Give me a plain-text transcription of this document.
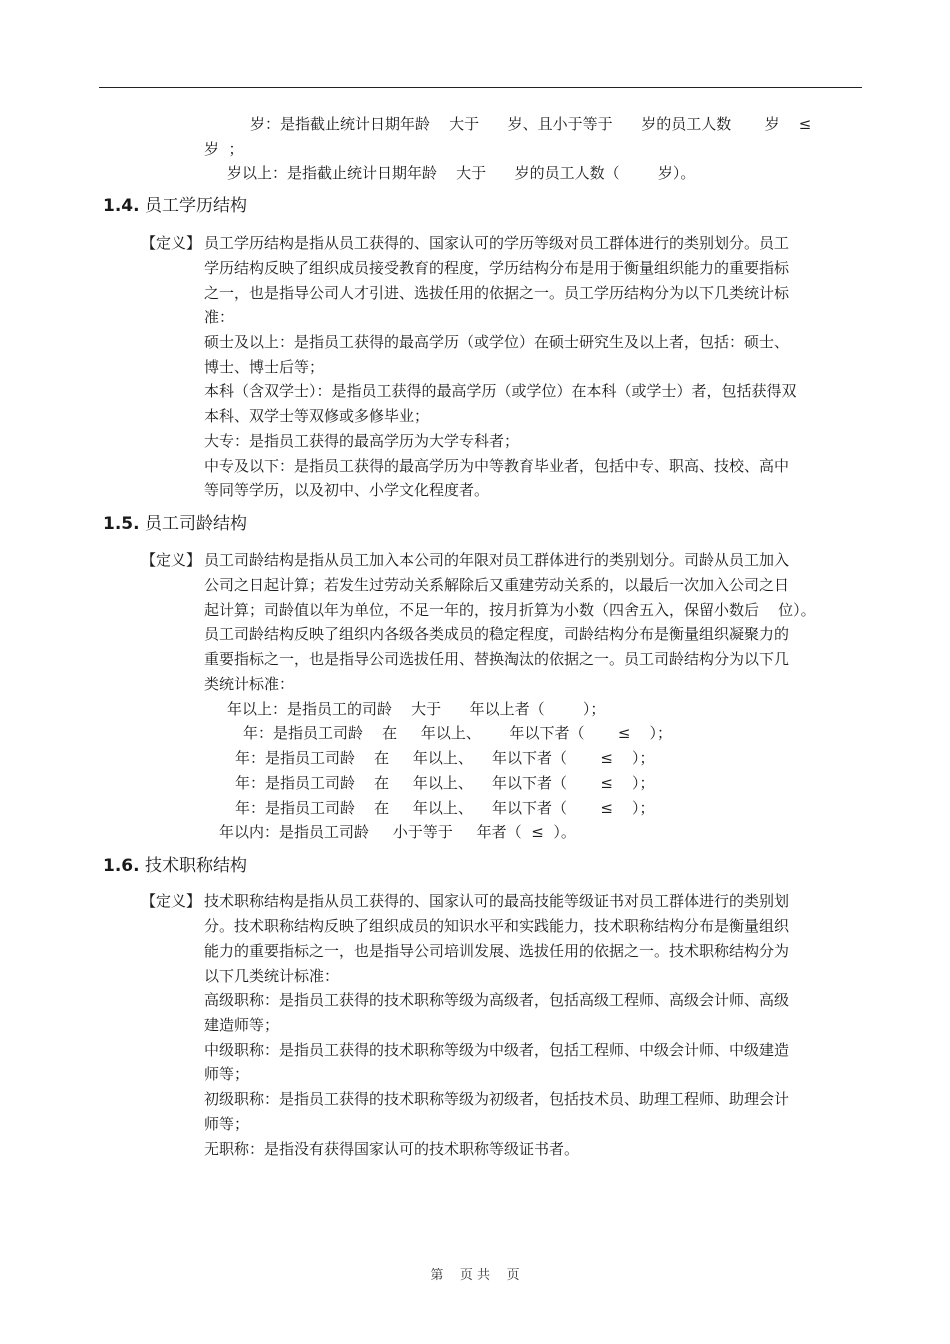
岁：是指截止统计日期年龄    大于      岁、且小于等于      岁的员工人数       岁    ≤
岁  ；
岁以上：是指截止统计日期年龄    大于      岁的员工人数（        岁）。
1.4. 员工学历结构
【定义】 员工学历结构是指从员工获得的、国家认可的学历等级对员工群体进行的类别划分。员工
学历结构反映了组织成员接受教育的程度，学历结构分布是用于衡量组织能力的重要指标
之一，也是指导公司人才引进、选拔任用的依据之一。员工学历结构分为以下几类统计标
准：
硕士及以上：是指员工获得的最高学历（或学位）在硕士研究生及以上者，包括：硕士、
博士、博士后等；
本科（含双学士）：是指员工获得的最高学历（或学位）在本科（或学士）者，包括获得双
本科、双学士等双修或多修毕业；
大专：是指员工获得的最高学历为大学专科者；
中专及以下：是指员工获得的最高学历为中等教育毕业者，包括中专、职高、技校、高中
等同等学历，以及初中、小学文化程度者。
1.5. 员工司龄结构
【定义】 员工司龄结构是指从员工加入本公司的年限对员工群体进行的类别划分。司龄从员工加入
公司之日起计算；若发生过劳动关系解除后又重建劳动关系的，以最后一次加入公司之日
起计算；司龄值以年为单位，不足一年的，按月折算为小数（四舍五入，保留小数后    位）。
员工司龄结构反映了组织内各级各类成员的稳定程度，司龄结构分布是衡量组织凝聚力的
重要指标之一，也是指导公司选拔任用、替换淘汰的依据之一。员工司龄结构分为以下几
类统计标准：
年以上：是指员工的司龄    大于      年以上者（        ）；
年：是指员工司龄    在     年以上、      年以下者（       ≤    ）；
年：是指员工司龄    在     年以上、    年以下者（       ≤    ）；
年：是指员工司龄    在     年以上、    年以下者（       ≤    ）；
年：是指员工司龄    在     年以上、    年以下者（       ≤    ）；
年以内：是指员工司龄     小于等于     年者（  ≤  ）。
1.6. 技术职称结构
【定义】 技术职称结构是指从员工获得的、国家认可的最高技能等级证书对员工群体进行的类别划
分。技术职称结构反映了组织成员的知识水平和实践能力，技术职称结构分布是衡量组织
能力的重要指标之一，也是指导公司培训发展、选拔任用的依据之一。技术职称结构分为
以下几类统计标准：
高级职称：是指员工获得的技术职称等级为高级者，包括高级工程师、高级会计师、高级
建造师等；
中级职称：是指员工获得的技术职称等级为中级者，包括工程师、中级会计师、中级建造
师等；
初级职称：是指员工获得的技术职称等级为初级者，包括技术员、助理工程师、助理会计
师等；
无职称：是指没有获得国家认可的技术职称等级证书者。
第    页 共    页
